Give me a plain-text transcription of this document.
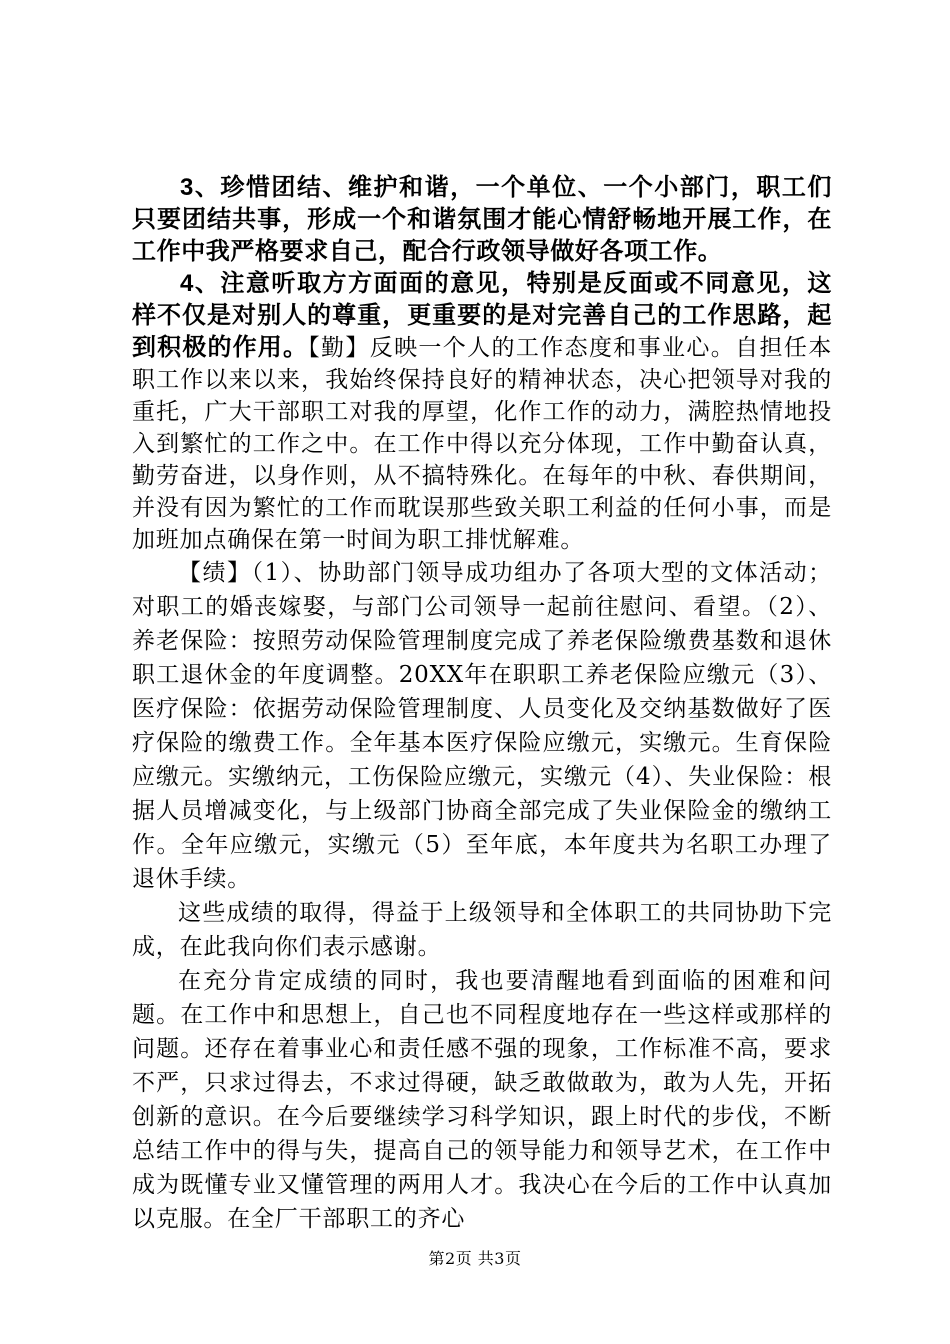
3、珍惜团结、维护和谐，一个单位、一个小部门，职工们只要团结共事，形成一个和谐氛围才能心情舒畅地开展工作，在工作中我严格要求自己，配合行政领导做好各项工作。

4、注意听取方方面面的意见，特别是反面或不同意见，这样不仅是对别人的尊重，更重要的是对完善自己的工作思路，起到积极的作用。【勤】反映一个人的工作态度和事业心。自担任本职工作以来以来，我始终保持良好的精神状态，决心把领导对我的重托，广大干部职工对我的厚望，化作工作的动力，满腔热情地投入到繁忙的工作之中。在工作中得以充分体现，工作中勤奋认真，勤劳奋进，以身作则，从不搞特殊化。在每年的中秋、春供期间，并没有因为繁忙的工作而耽误那些致关职工利益的任何小事，而是加班加点确保在第一时间为职工排忧解难。

【绩】（1）、协助部门领导成功组办了各项大型的文体活动；对职工的婚丧嫁娶，与部门公司领导一起前往慰问、看望。（2）、养老保险：按照劳动保险管理制度完成了养老保险缴费基数和退休职工退休金的年度调整。20XX年在职职工养老保险应缴元（3）、医疗保险：依据劳动保险管理制度、人员变化及交纳基数做好了医疗保险的缴费工作。全年基本医疗保险应缴元，实缴元。生育保险应缴元。实缴纳元，工伤保险应缴元，实缴元（4）、失业保险：根据人员增减变化，与上级部门协商全部完成了失业保险金的缴纳工作。全年应缴元，实缴元（5）至年底，本年度共为名职工办理了退休手续。

这些成绩的取得，得益于上级领导和全体职工的共同协助下完成，在此我向你们表示感谢。

在充分肯定成绩的同时，我也要清醒地看到面临的困难和问题。在工作中和思想上，自己也不同程度地存在一些这样或那样的问题。还存在着事业心和责任感不强的现象，工作标准不高，要求不严，只求过得去，不求过得硬，缺乏敢做敢为，敢为人先，开拓创新的意识。在今后要继续学习科学知识，跟上时代的步伐，不断总结工作中的得与失，提高自己的领导能力和领导艺术，在工作中成为既懂专业又懂管理的两用人才。我决心在今后的工作中认真加以克服。在全厂干部职工的齐心

第2页 共3页
